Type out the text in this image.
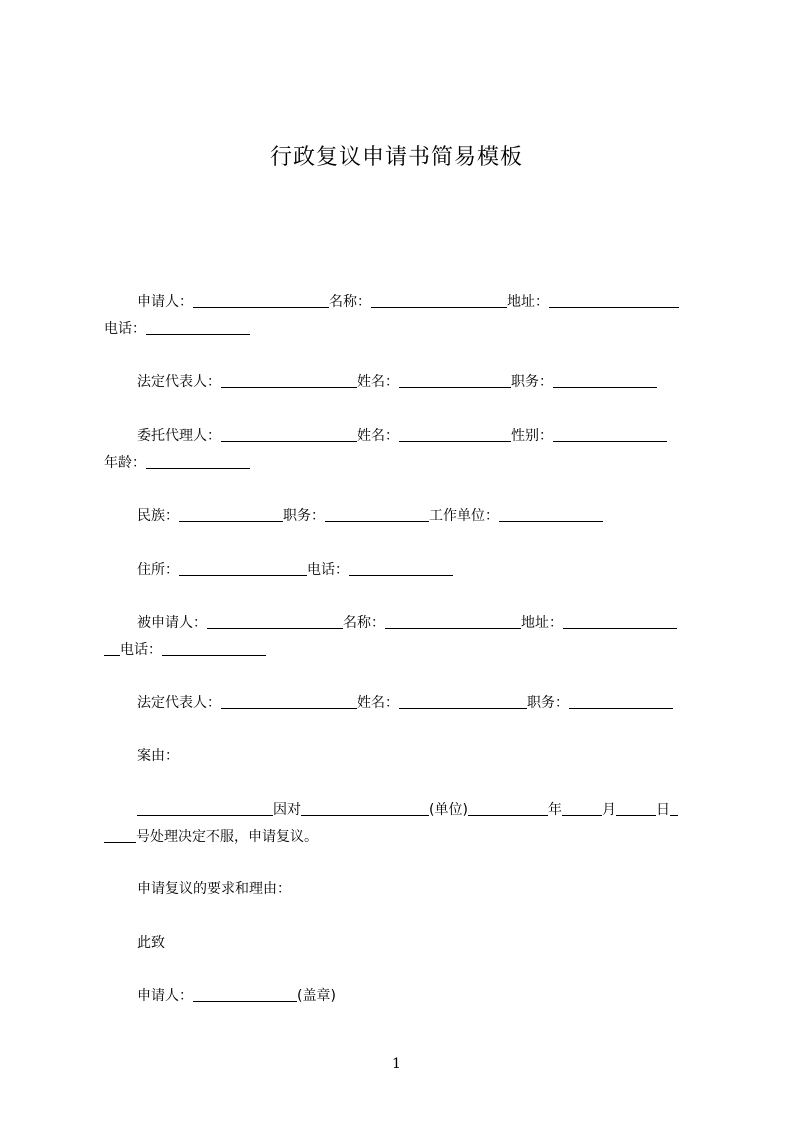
行政复议申请书简易模板
申请人：	名称：	地址：
电话：
法定代表人：	姓名：	职务：
委托代理人：	姓名：	性别：
年龄：
民族：	职务：	工作单位：
住所：	电话：
被申请人：	名称：	地址：
电话：
法定代表人：	姓名：	职务：
案由：
因对	(单位)	年	月	日
号处理决定不服，申请复议。
申请复议的要求和理由：
此致
申请人：	(盖章)
1
